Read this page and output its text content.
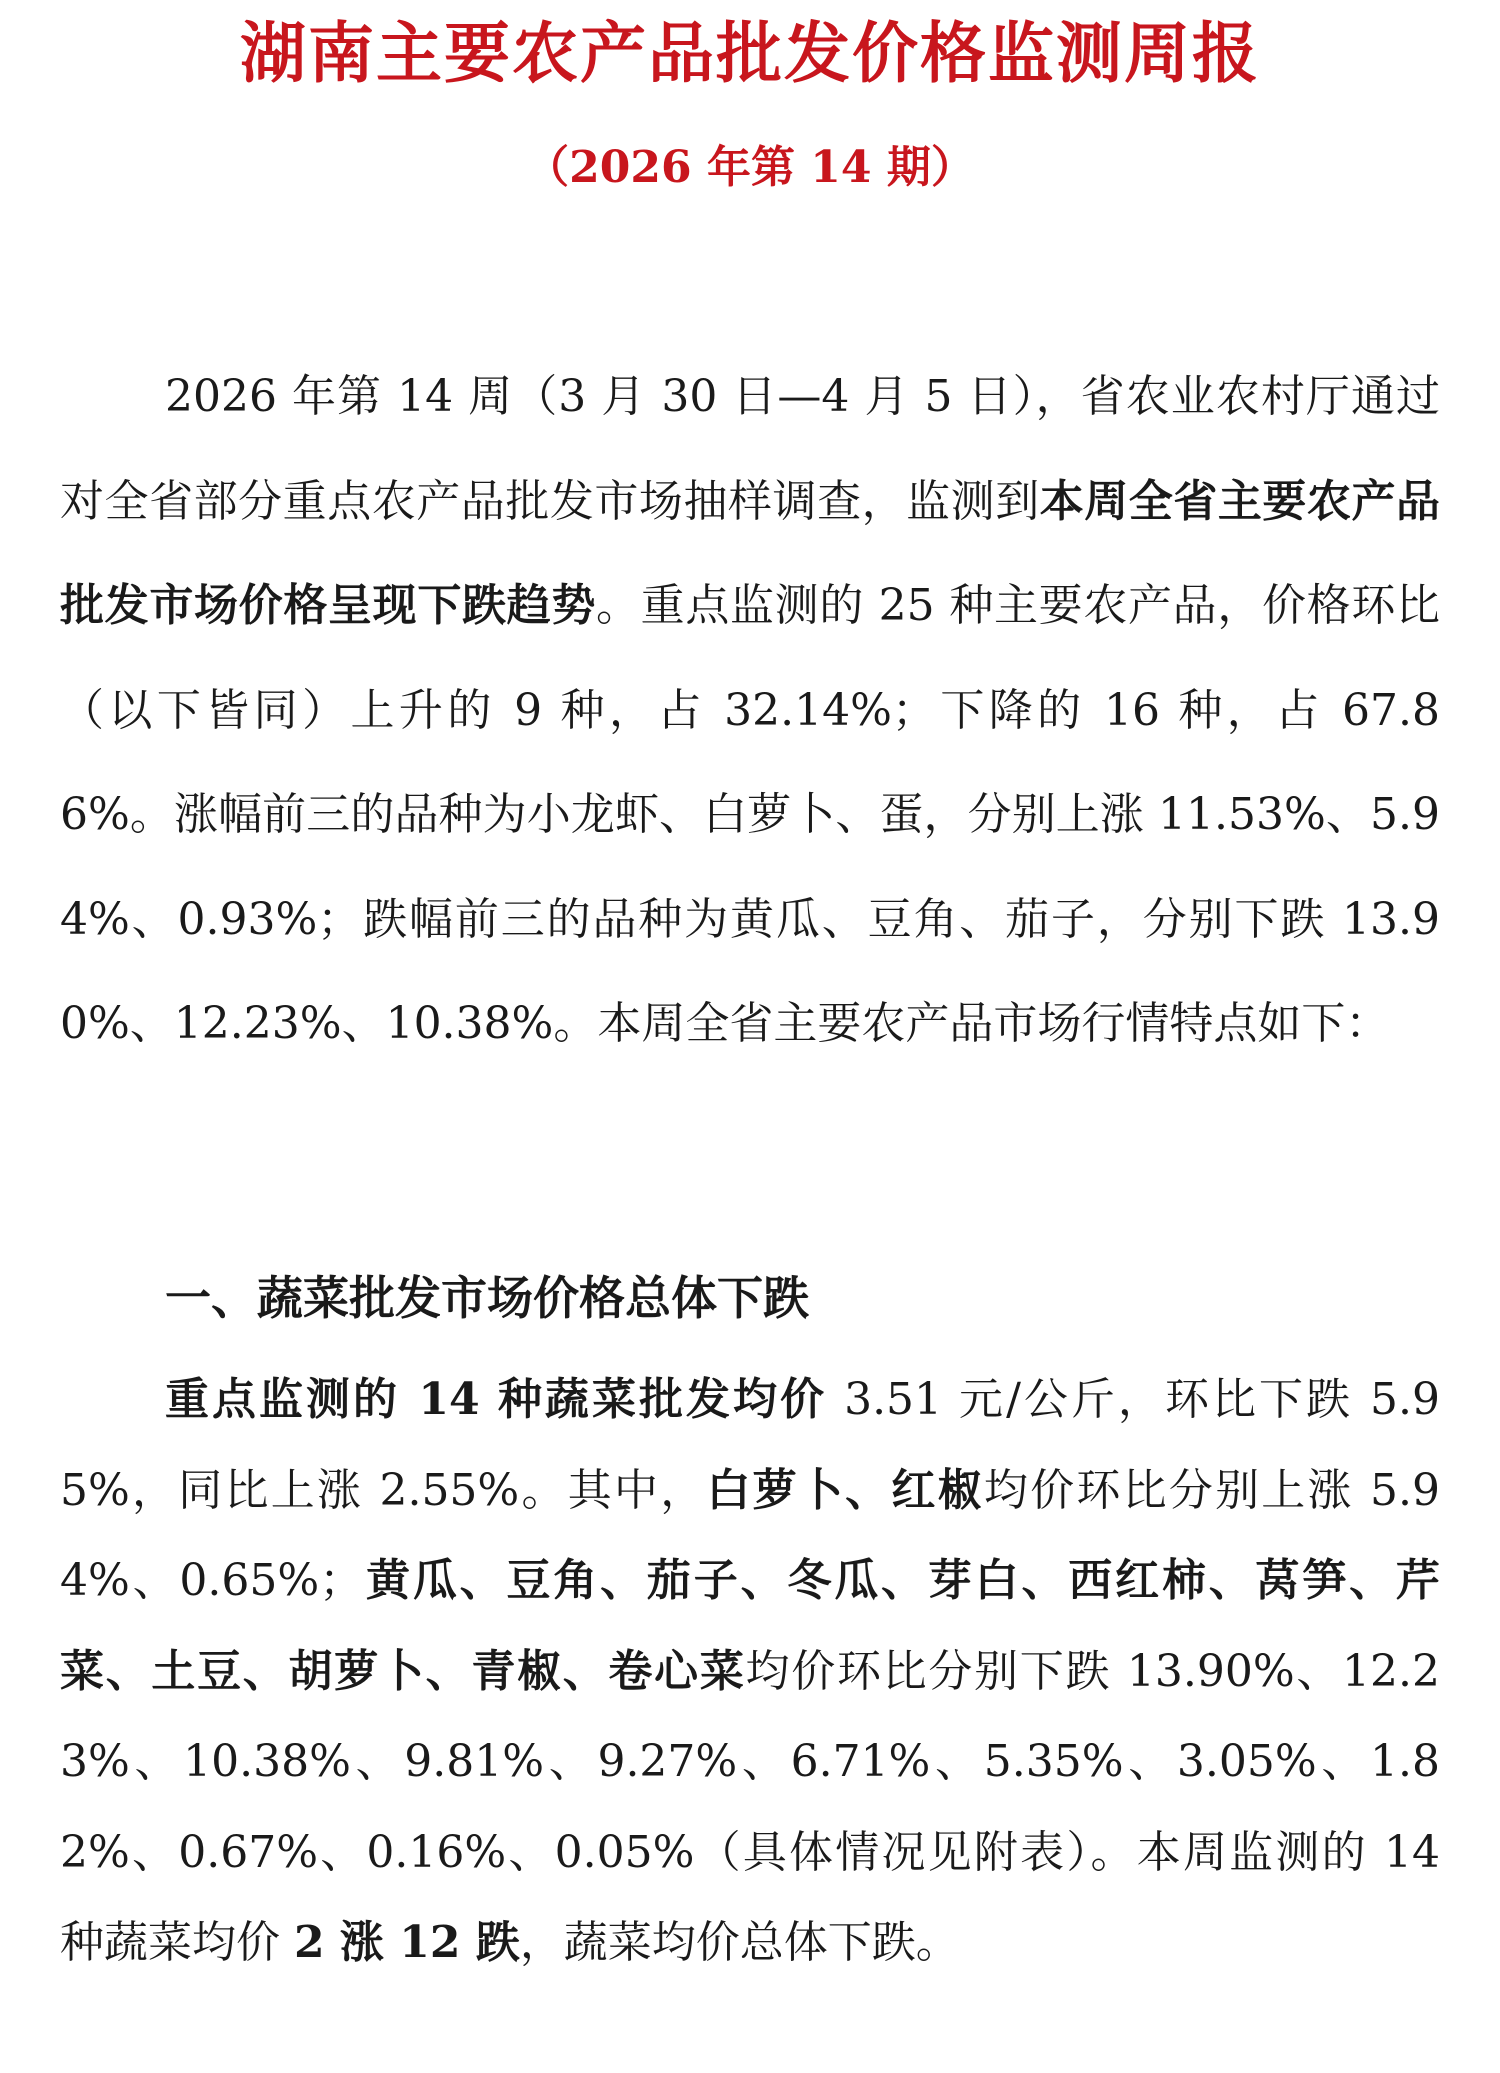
湖南主要农产品批发价格监测周报
（2026 年第 14 期）

2026 年第 14 周（3 月 30 日—4 月 5 日），省农业农村厅通过对全省部分重点农产品批发市场抽样调查，监测到本周全省主要农产品批发市场价格呈现下跌趋势。重点监测的 25 种主要农产品，价格环比（以下皆同）上升的 9 种，占 32.14%；下降的 16 种，占 67.86%。涨幅前三的品种为小龙虾、白萝卜、蛋，分别上涨 11.53%、5.94%、0.93%；跌幅前三的品种为黄瓜、豆角、茄子，分别下跌 13.90%、12.23%、10.38%。本周全省主要农产品市场行情特点如下：

一、蔬菜批发市场价格总体下跌

重点监测的 14 种蔬菜批发均价 3.51 元/公斤，环比下跌 5.95%，同比上涨 2.55%。其中，白萝卜、红椒均价环比分别上涨 5.94%、0.65%；黄瓜、豆角、茄子、冬瓜、芽白、西红柿、莴笋、芹菜、土豆、胡萝卜、青椒、卷心菜均价环比分别下跌 13.90%、12.23%、10.38%、9.81%、9.27%、6.71%、5.35%、3.05%、1.82%、0.67%、0.16%、0.05%（具体情况见附表）。本周监测的 14 种蔬菜均价 2 涨 12 跌，蔬菜均价总体下跌。
